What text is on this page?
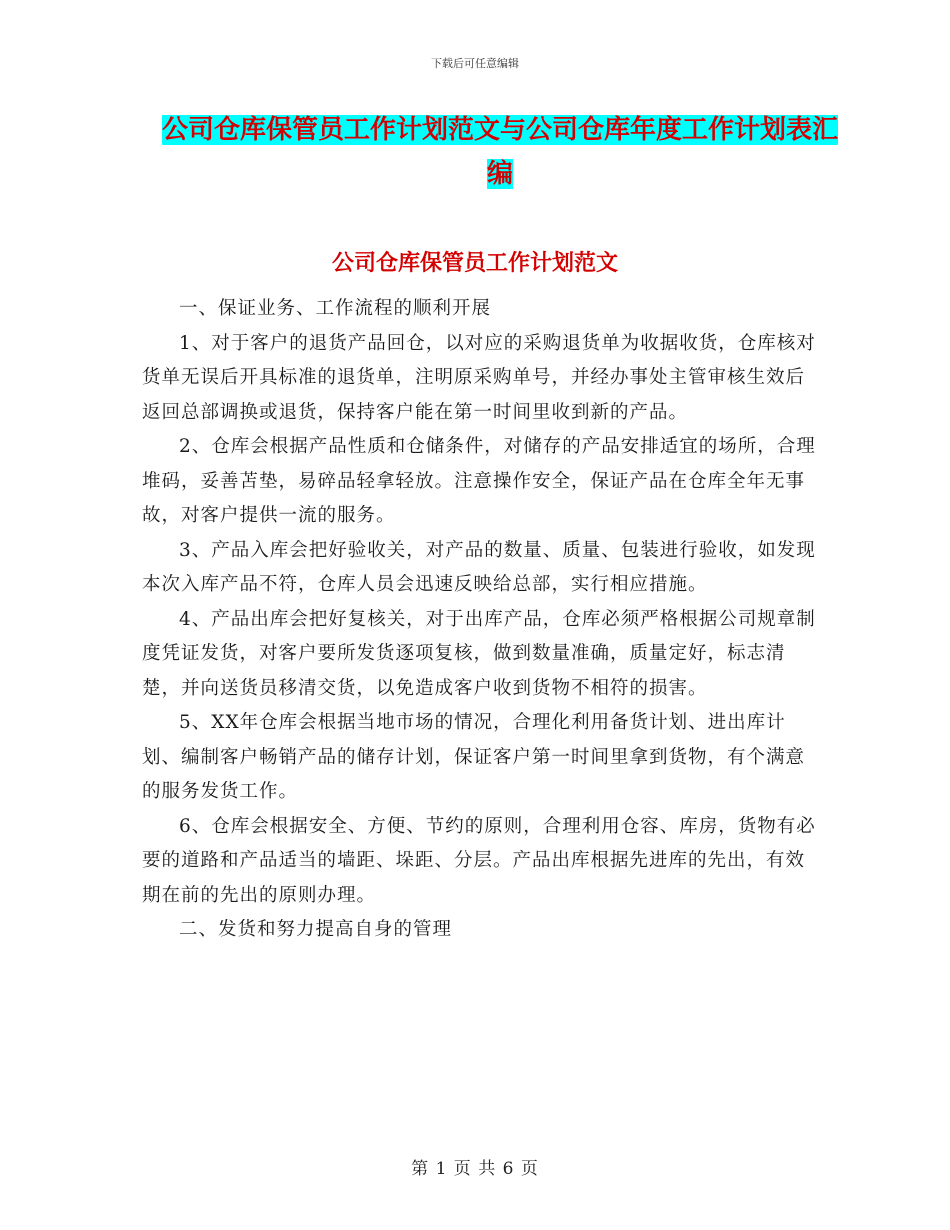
下载后可任意编辑
公司仓库保管员工作计划范文与公司仓库年度工作计划表汇编
公司仓库保管员工作计划范文

一、保证业务、工作流程的顺利开展

1、对于客户的退货产品回仓，以对应的采购退货单为收据收货，仓库核对货单无误后开具标准的退货单，注明原采购单号，并经办事处主管审核生效后返回总部调换或退货，保持客户能在第一时间里收到新的产品。

2、仓库会根据产品性质和仓储条件，对储存的产品安排适宜的场所，合理堆码，妥善苫垫，易碎品轻拿轻放。注意操作安全，保证产品在仓库全年无事故，对客户提供一流的服务。

3、产品入库会把好验收关，对产品的数量、质量、包装进行验收，如发现本次入库产品不符，仓库人员会迅速反映给总部，实行相应措施。

4、产品出库会把好复核关，对于出库产品，仓库必须严格根据公司规章制度凭证发货，对客户要所发货逐项复核，做到数量准确，质量定好，标志清楚，并向送货员移清交货，以免造成客户收到货物不相符的损害。

5、XX年仓库会根据当地市场的情况，合理化利用备货计划、进出库计划、编制客户畅销产品的储存计划，保证客户第一时间里拿到货物，有个满意的服务发货工作。

6、仓库会根据安全、方便、节约的原则，合理利用仓容、库房，货物有必要的道路和产品适当的墙距、垛距、分层。产品出库根据先进库的先出，有效期在前的先出的原则办理。

二、发货和努力提高自身的管理

第 1 页 共 6 页
